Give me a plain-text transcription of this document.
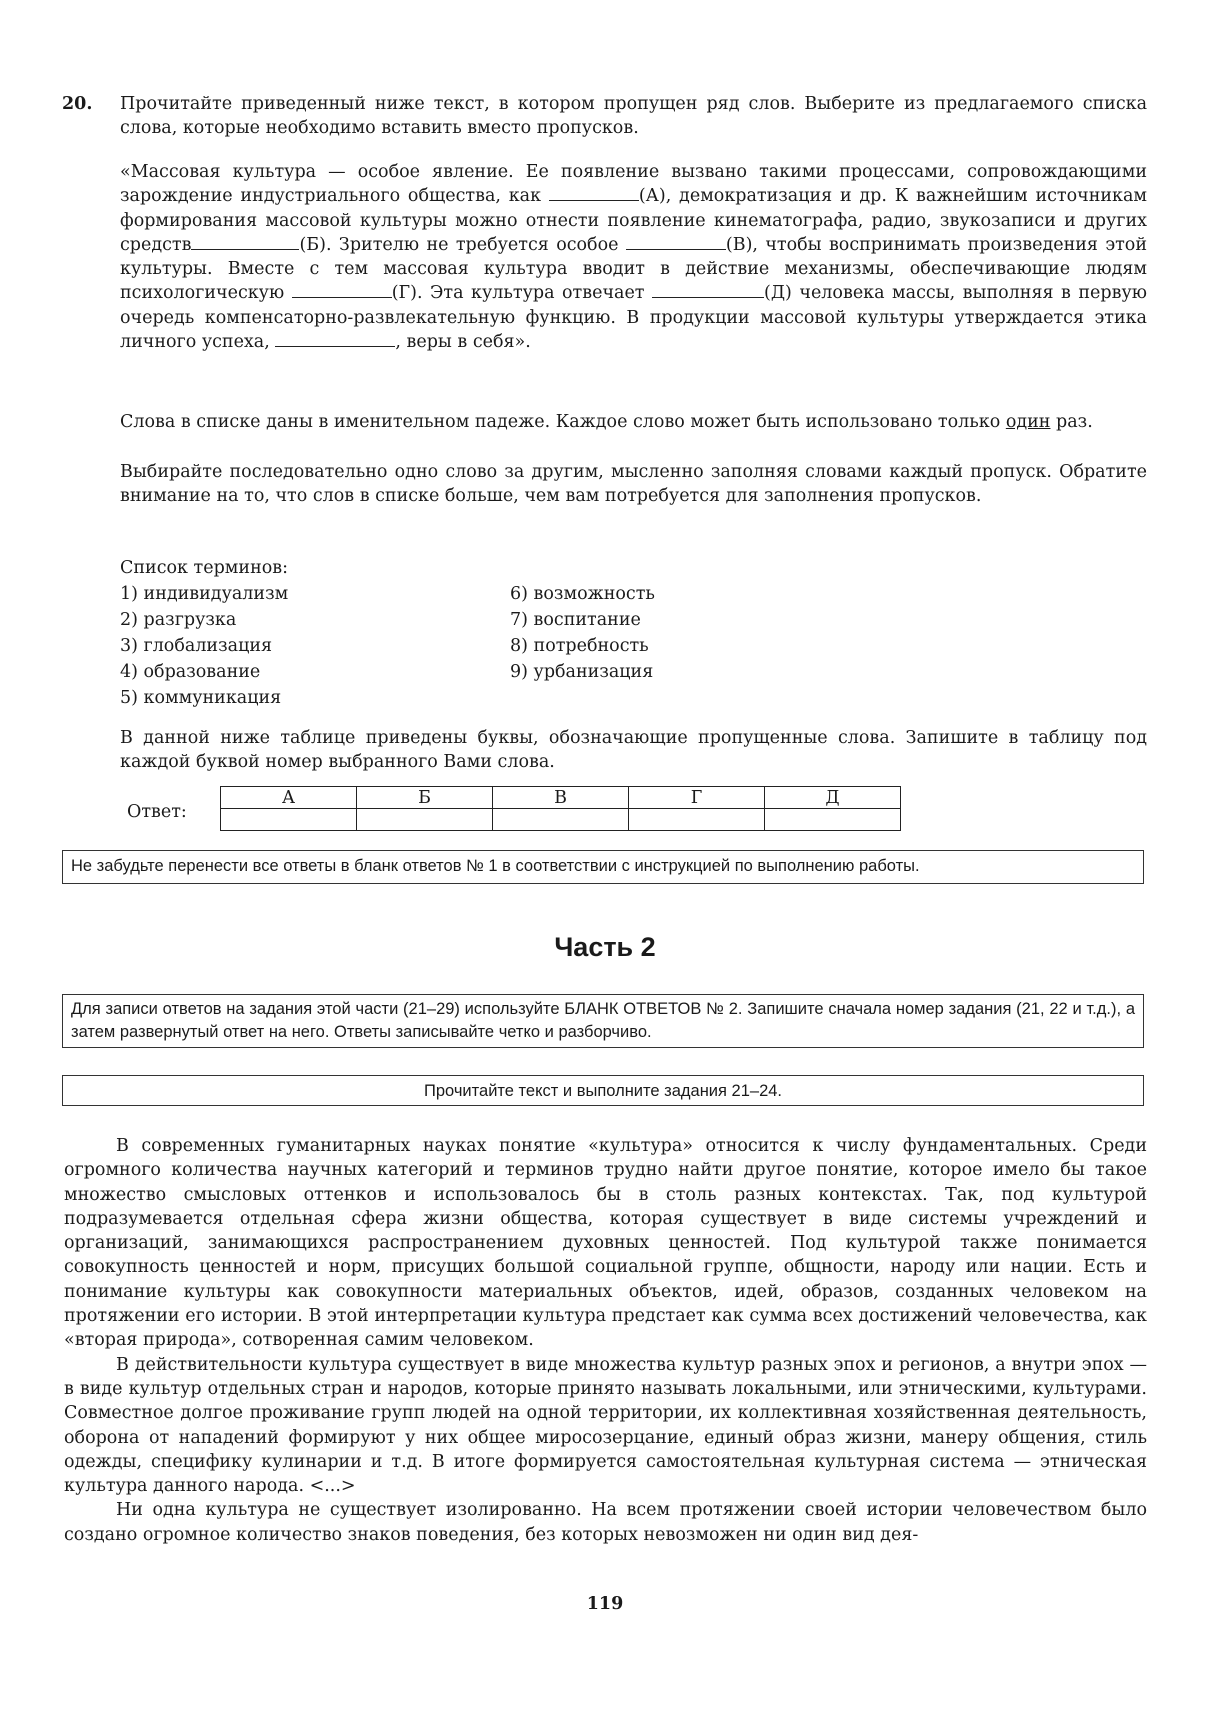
20. Прочитайте приведенный ниже текст, в котором пропущен ряд слов. Выберите из предлагаемого списка слова, которые необходимо вставить вместо пропусков.

«Массовая культура — особое явление. Ее появление вызвано такими процессами, сопровождающими зарождение индустриального общества, как	(А), демократизация и др. К важнейшим источникам формирования массовой культуры можно отнести появление кинематографа, радио, звукозаписи и других средств	(Б). Зрителю не требуется особое	(В), чтобы воспринимать произведения этой культуры. Вместе с тем массовая культура вводит в действие механизмы, обеспечивающие людям психологическую	(Г). Эта культура отвечает	(Д) человека массы, выполняя в первую очередь компенсаторно-развлекательную функцию. В продукции массовой культуры утверждается этика личного успеха,	, веры в себя».

Слова в списке даны в именительном падеже. Каждое слово может быть использовано только один раз.

Выбирайте последовательно одно слово за другим, мысленно заполняя словами каждый пропуск. Обратите внимание на то, что слов в списке больше, чем вам потребуется для заполнения пропусков.

Список терминов:
1) индивидуализм	6) возможность
2) разгрузка	7) воспитание
3) глобализация	8) потребность
4) образование	9) урбанизация
5) коммуникация

В данной ниже таблице приведены буквы, обозначающие пропущенные слова. Запишите в таблицу под каждой буквой номер выбранного Вами слова.

Ответ:
А	Б	В	Г	Д

Не забудьте перенести все ответы в бланк ответов № 1 в соответствии с инструкцией по выполнению работы.
Часть 2
Для записи ответов на задания этой части (21–29) используйте БЛАНК ОТВЕТОВ № 2. Запишите сначала номер задания (21, 22 и т.д.), а затем развернутый ответ на него. Ответы записывайте четко и разборчиво.
Прочитайте текст и выполните задания 21–24.

В современных гуманитарных науках понятие «культура» относится к числу фундаментальных. Среди огромного количества научных категорий и терминов трудно найти другое понятие, которое имело бы такое множество смысловых оттенков и использовалось бы в столь разных контекстах. Так, под культурой подразумевается отдельная сфера жизни общества, которая существует в виде системы учреждений и организаций, занимающихся распространением духовных ценностей. Под культурой также понимается совокупность ценностей и норм, присущих большой социальной группе, общности, народу или нации. Есть и понимание культуры как совокупности материальных объектов, идей, образов, созданных человеком на протяжении его истории. В этой интерпретации культура предстает как сумма всех достижений человечества, как «вторая природа», сотворенная самим человеком.

В действительности культура существует в виде множества культур разных эпох и регионов, а внутри эпох — в виде культур отдельных стран и народов, которые принято называть локальными, или этническими, культурами. Совместное долгое проживание групп людей на одной территории, их коллективная хозяйственная деятельность, оборона от нападений формируют у них общее миросозерцание, единый образ жизни, манеру общения, стиль одежды, специфику кулинарии и т.д. В итоге формируется самостоятельная культурная система — этническая культура данного народа. <...>

Ни одна культура не существует изолированно. На всем протяжении своей истории человечеством было создано огромное количество знаков поведения, без которых невозможен ни один вид дея-

119
